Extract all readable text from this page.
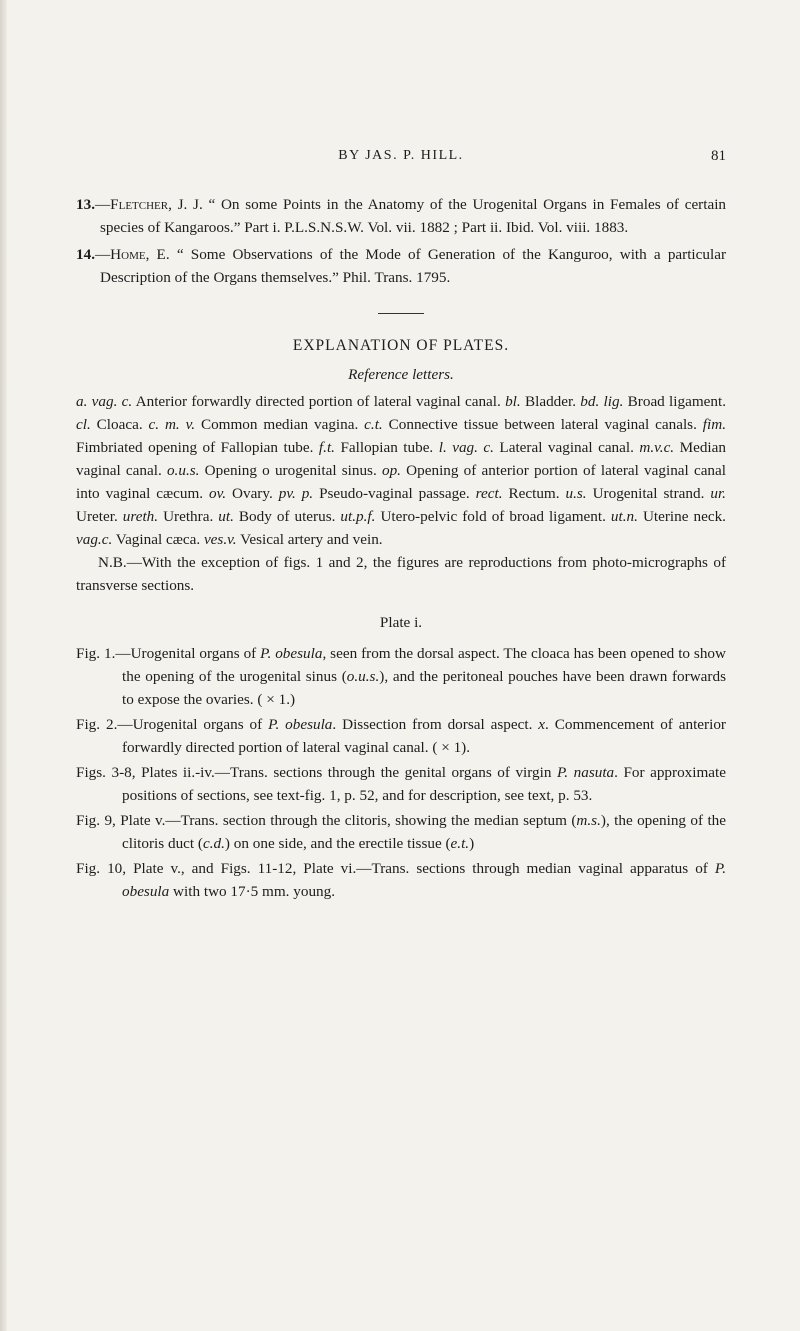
BY JAS. P. HILL.	81
13.—Fletcher, J. J. “ On some Points in the Anatomy of the Urogenital Organs in Females of certain species of Kangaroos.” Part i. P.L.S.N.S.W. Vol. vii. 1882 ; Part ii. Ibid. Vol. viii. 1883.
14.—Home, E. “ Some Observations of the Mode of Generation of the Kanguroo, with a particular Description of the Organs themselves.” Phil. Trans. 1795.
EXPLANATION OF PLATES.
Reference letters.

a. vag. c. Anterior forwardly directed portion of lateral vaginal canal. bl. Bladder. bd. lig. Broad ligament. cl. Cloaca. c. m. v. Common median vagina. c.t. Connective tissue between lateral vaginal canals. fim. Fimbriated opening of Fallopian tube. f.t. Fallopian tube. l. vag. c. Lateral vaginal canal. m.v.c. Median vaginal canal. o.u.s. Opening o urogenital sinus. op. Opening of anterior portion of lateral vaginal canal into vaginal cæcum. ov. Ovary. pv. p. Pseudo-vaginal passage. rect. Rectum. u.s. Urogenital strand. ur. Ureter. ureth. Urethra. ut. Body of uterus. ut.p.f. Utero-pelvic fold of broad ligament. ut.n. Uterine neck. vag.c. Vaginal cæca. ves.v. Vesical artery and vein.

N.B.—With the exception of figs. 1 and 2, the figures are reproductions from photo-micrographs of transverse sections.

Plate i.

Fig. 1.—Urogenital organs of P. obesula, seen from the dorsal aspect. The cloaca has been opened to show the opening of the urogenital sinus (o.u.s.), and the peritoneal pouches have been drawn forwards to expose the ovaries. ( × 1.)

Fig. 2.—Urogenital organs of P. obesula. Dissection from dorsal aspect. x. Commencement of anterior forwardly directed portion of lateral vaginal canal. ( × 1).

Figs. 3-8, Plates ii.-iv.—Trans. sections through the genital organs of virgin P. nasuta. For approximate positions of sections, see text-fig. 1, p. 52, and for description, see text, p. 53.

Fig. 9, Plate v.—Trans. section through the clitoris, showing the median septum (m.s.), the opening of the clitoris duct (c.d.) on one side, and the erectile tissue (e.t.)

Fig. 10, Plate v., and Figs. 11-12, Plate vi.—Trans. sections through median vaginal apparatus of P. obesula with two 17·5 mm. young.
